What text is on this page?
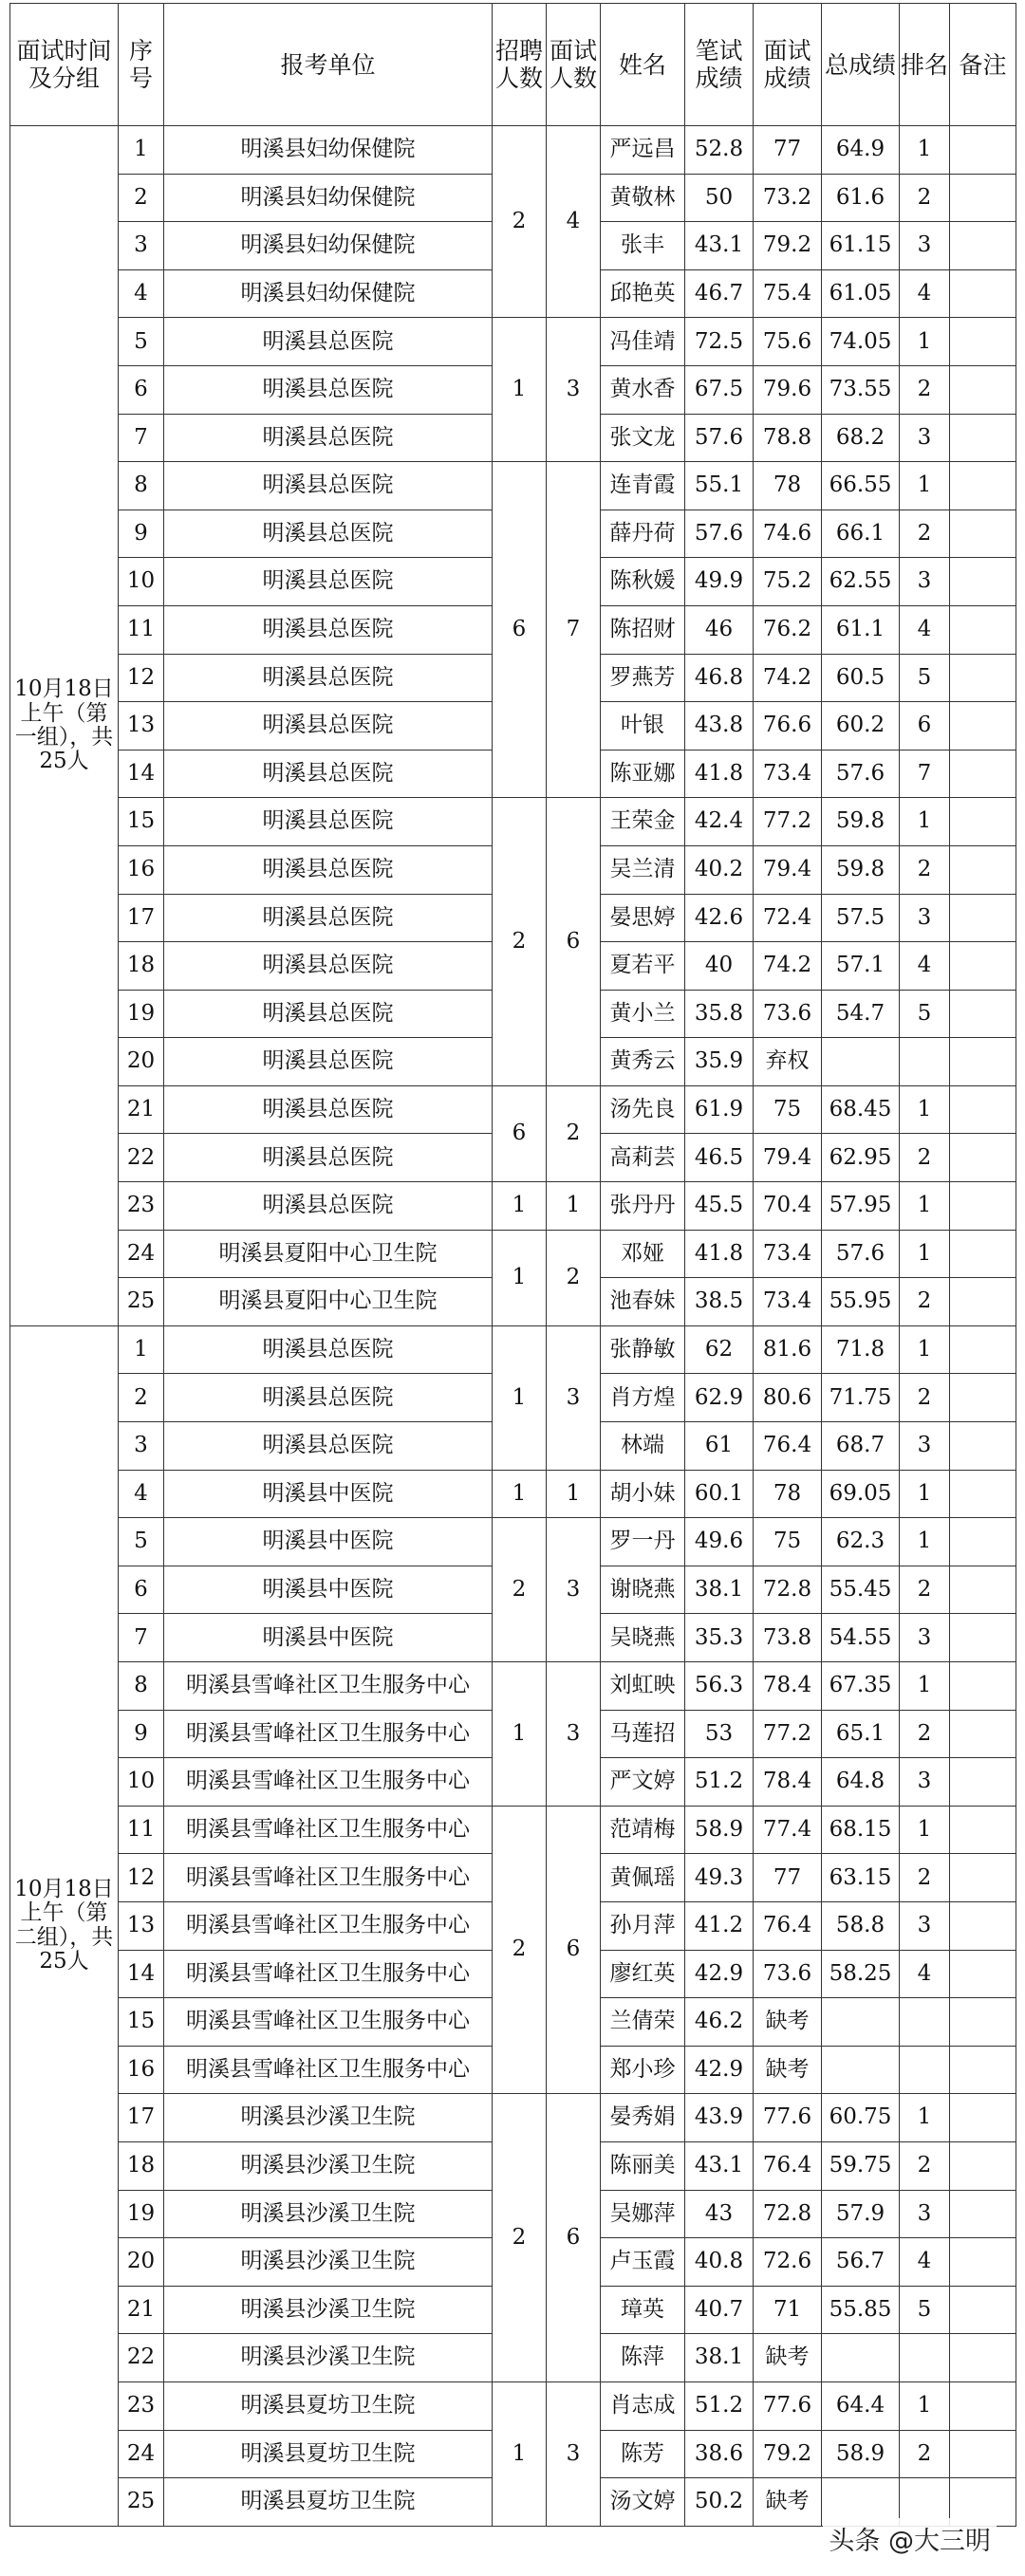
面试时间及分组	序号	报考单位	招聘人数	面试人数	姓名	笔试成绩	面试成绩	总成绩	排名	备注
10月18日上午（第一组），共25人	1	明溪县妇幼保健院	2	4	严远昌	52.8	77	64.9	1	
	2	明溪县妇幼保健院			黄敬林	50	73.2	61.6	2	
	3	明溪县妇幼保健院			张丰	43.1	79.2	61.15	3	
	4	明溪县妇幼保健院			邱艳英	46.7	75.4	61.05	4	
	5	明溪县总医院	1	3	冯佳靖	72.5	75.6	74.05	1	
	6	明溪县总医院			黄水香	67.5	79.6	73.55	2	
	7	明溪县总医院			张文龙	57.6	78.8	68.2	3	
	8	明溪县总医院	6	7	连青霞	55.1	78	66.55	1	
	9	明溪县总医院			薛丹荷	57.6	74.6	66.1	2	
	10	明溪县总医院			陈秋媛	49.9	75.2	62.55	3	
	11	明溪县总医院			陈招财	46	76.2	61.1	4	
	12	明溪县总医院			罗燕芳	46.8	74.2	60.5	5	
	13	明溪县总医院			叶银	43.8	76.6	60.2	6	
	14	明溪县总医院			陈亚娜	41.8	73.4	57.6	7	
	15	明溪县总医院	2	6	王荣金	42.4	77.2	59.8	1	
	16	明溪县总医院			吴兰清	40.2	79.4	59.8	2	
	17	明溪县总医院			晏思婷	42.6	72.4	57.5	3	
	18	明溪县总医院			夏若平	40	74.2	57.1	4	
	19	明溪县总医院			黄小兰	35.8	73.6	54.7	5	
	20	明溪县总医院			黄秀云	35.9	弃权			
	21	明溪县总医院	6	2	汤先良	61.9	75	68.45	1	
	22	明溪县总医院			高莉芸	46.5	79.4	62.95	2	
	23	明溪县总医院	1	1	张丹丹	45.5	70.4	57.95	1	
	24	明溪县夏阳中心卫生院	1	2	邓娅	41.8	73.4	57.6	1	
	25	明溪县夏阳中心卫生院			池春妹	38.5	73.4	55.95	2	
10月18日上午（第二组），共25人	1	明溪县总医院	1	3	张静敏	62	81.6	71.8	1	
	2	明溪县总医院			肖方煌	62.9	80.6	71.75	2	
	3	明溪县总医院			林端	61	76.4	68.7	3	
	4	明溪县中医院	1	1	胡小妹	60.1	78	69.05	1	
	5	明溪县中医院	2	3	罗一丹	49.6	75	62.3	1	
	6	明溪县中医院			谢晓燕	38.1	72.8	55.45	2	
	7	明溪县中医院			吴晓燕	35.3	73.8	54.55	3	
	8	明溪县雪峰社区卫生服务中心	1	3	刘虹映	56.3	78.4	67.35	1	
	9	明溪县雪峰社区卫生服务中心			马莲招	53	77.2	65.1	2	
	10	明溪县雪峰社区卫生服务中心			严文婷	51.2	78.4	64.8	3	
	11	明溪县雪峰社区卫生服务中心	2	6	范靖梅	58.9	77.4	68.15	1	
	12	明溪县雪峰社区卫生服务中心			黄佩瑶	49.3	77	63.15	2	
	13	明溪县雪峰社区卫生服务中心			孙月萍	41.2	76.4	58.8	3	
	14	明溪县雪峰社区卫生服务中心			廖红英	42.9	73.6	58.25	4	
	15	明溪县雪峰社区卫生服务中心			兰倩荣	46.2	缺考			
	16	明溪县雪峰社区卫生服务中心			郑小珍	42.9	缺考			
	17	明溪县沙溪卫生院	2	6	晏秀娟	43.9	77.6	60.75	1	
	18	明溪县沙溪卫生院			陈丽美	43.1	76.4	59.75	2	
	19	明溪县沙溪卫生院			吴娜萍	43	72.8	57.9	3	
	20	明溪县沙溪卫生院			卢玉霞	40.8	72.6	56.7	4	
	21	明溪县沙溪卫生院			璋英	40.7	71	55.85	5	
	22	明溪县沙溪卫生院			陈萍	38.1	缺考			
	23	明溪县夏坊卫生院	1	3	肖志成	51.2	77.6	64.4	1	
	24	明溪县夏坊卫生院			陈芳	38.6	79.2	58.9	2	
	25	明溪县夏坊卫生院			汤文婷	50.2	缺考			
头条 @大三明
